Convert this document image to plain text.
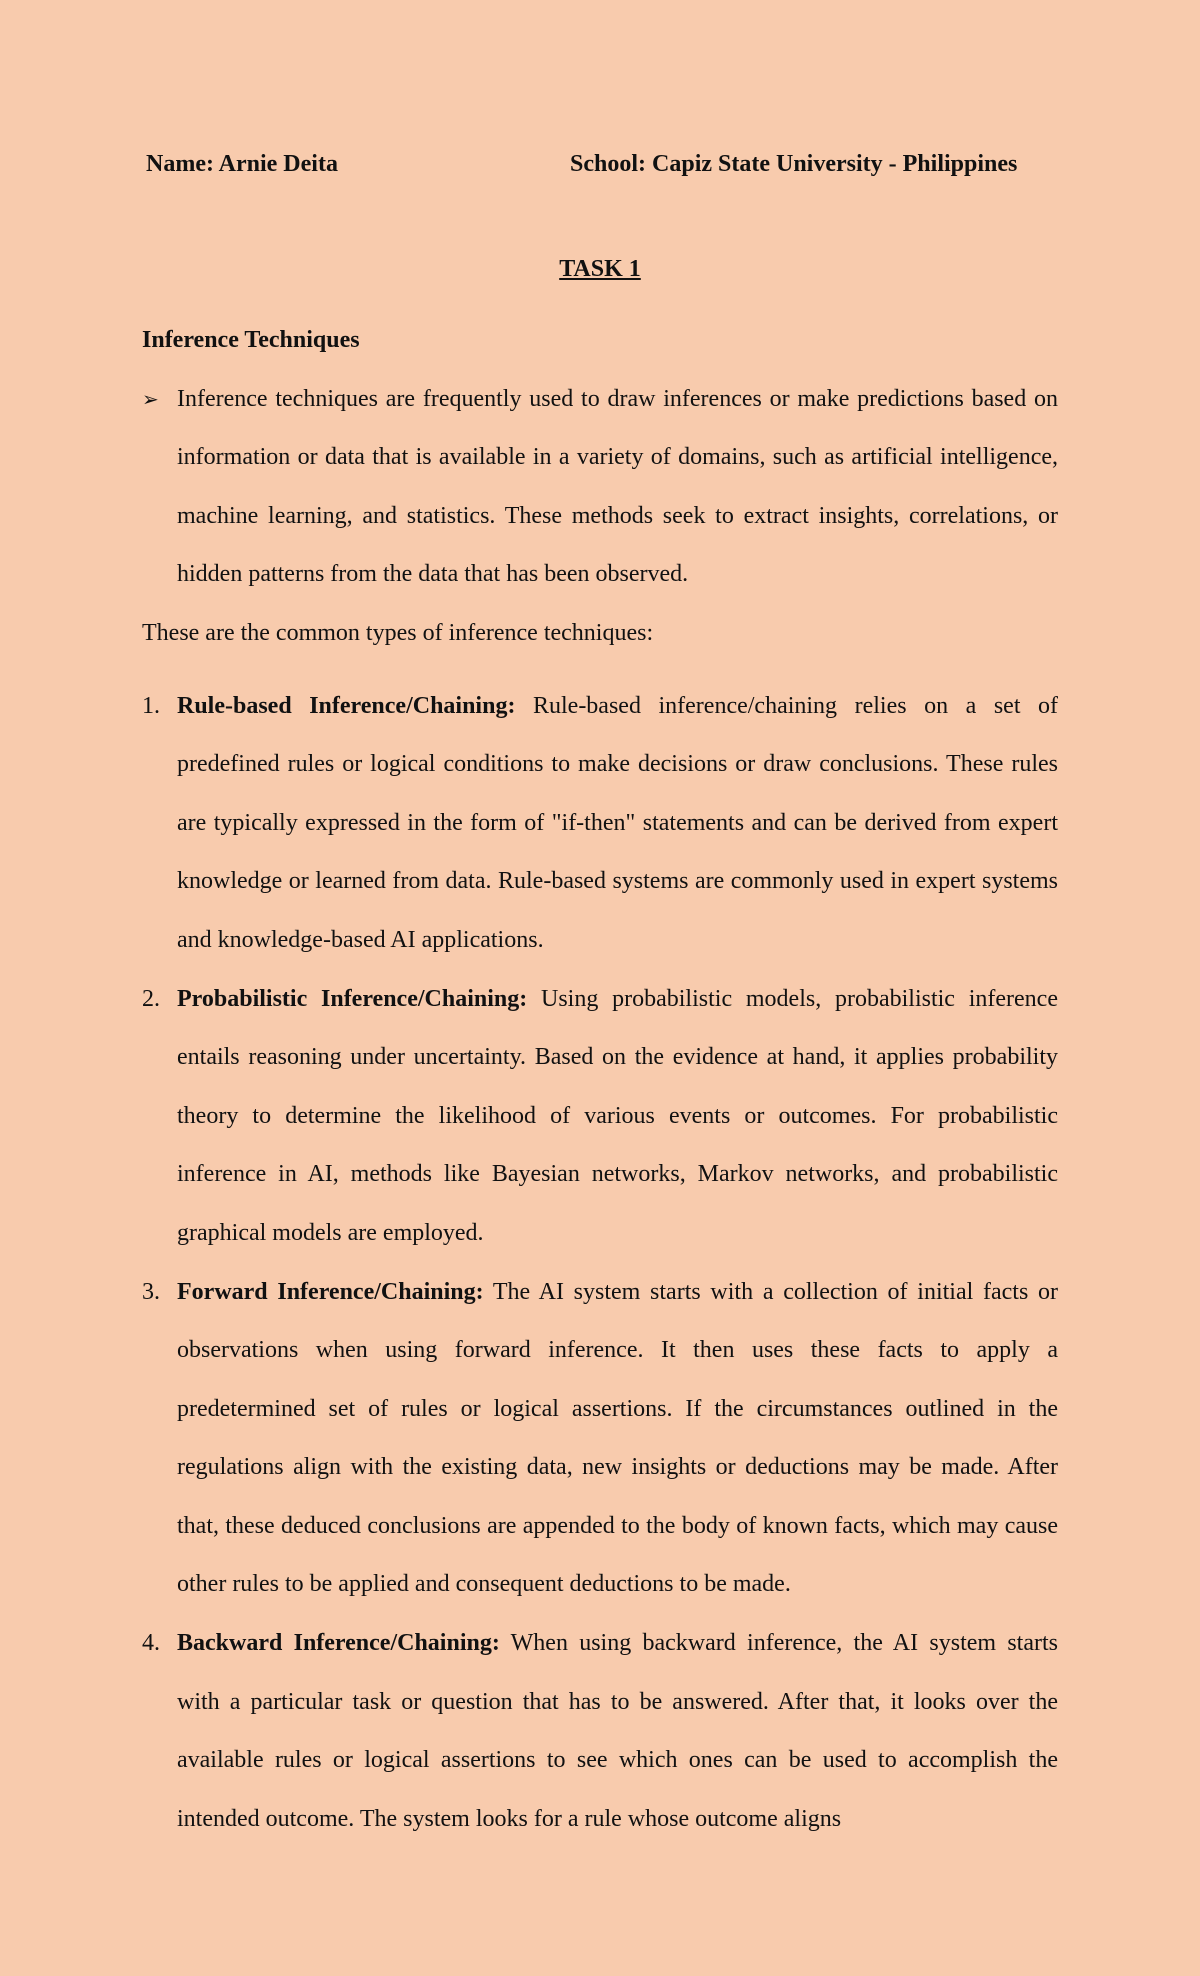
Name: Arnie Deita	School: Capiz State University - Philippines
TASK 1

Inference Techniques

➢ Inference techniques are frequently used to draw inferences or make predictions based on information or data that is available in a variety of domains, such as artificial intelligence, machine learning, and statistics. These methods seek to extract insights, correlations, or hidden patterns from the data that has been observed.

These are the common types of inference techniques:

1. Rule-based Inference/Chaining: Rule-based inference/chaining relies on a set of predefined rules or logical conditions to make decisions or draw conclusions. These rules are typically expressed in the form of "if-then" statements and can be derived from expert knowledge or learned from data. Rule-based systems are commonly used in expert systems and knowledge-based AI applications.
2. Probabilistic Inference/Chaining: Using probabilistic models, probabilistic inference entails reasoning under uncertainty. Based on the evidence at hand, it applies probability theory to determine the likelihood of various events or outcomes. For probabilistic inference in AI, methods like Bayesian networks, Markov networks, and probabilistic graphical models are employed.
3. Forward Inference/Chaining: The AI system starts with a collection of initial facts or observations when using forward inference. It then uses these facts to apply a predetermined set of rules or logical assertions. If the circumstances outlined in the regulations align with the existing data, new insights or deductions may be made. After that, these deduced conclusions are appended to the body of known facts, which may cause other rules to be applied and consequent deductions to be made.
4. Backward Inference/Chaining: When using backward inference, the AI system starts with a particular task or question that has to be answered. After that, it looks over the available rules or logical assertions to see which ones can be used to accomplish the intended outcome. The system looks for a rule whose outcome aligns
